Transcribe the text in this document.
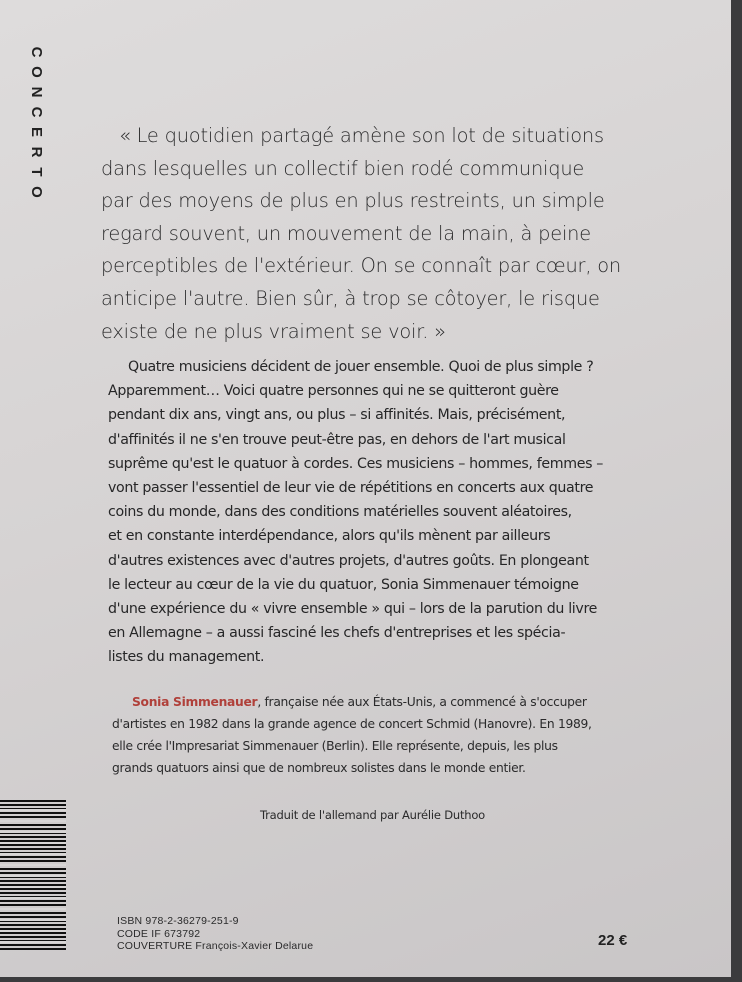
C
O
N
C
E
R
T
O
« Le quotidien partagé amène son lot de situations
dans lesquelles un collectif bien rodé communique
par des moyens de plus en plus restreints, un simple
regard souvent, un mouvement de la main, à peine
perceptibles de l'extérieur. On se connaît par cœur, on
anticipe l'autre. Bien sûr, à trop se côtoyer, le risque
existe de ne plus vraiment se voir. »
Quatre musiciens décident de jouer ensemble. Quoi de plus simple ?
Apparemment… Voici quatre personnes qui ne se quitteront guère
pendant dix ans, vingt ans, ou plus – si affinités. Mais, précisément,
d'affinités il ne s'en trouve peut-être pas, en dehors de l'art musical
suprême qu'est le quatuor à cordes. Ces musiciens – hommes, femmes –
vont passer l'essentiel de leur vie de répétitions en concerts aux quatre
coins du monde, dans des conditions matérielles souvent aléatoires,
et en constante interdépendance, alors qu'ils mènent par ailleurs
d'autres existences avec d'autres projets, d'autres goûts. En plongeant
le lecteur au cœur de la vie du quatuor, Sonia Simmenauer témoigne
d'une expérience du « vivre ensemble » qui – lors de la parution du livre
en Allemagne – a aussi fasciné les chefs d'entreprises et les spécia-
listes du management.
Sonia Simmenauer, française née aux États-Unis, a commencé à s'occuper
d'artistes en 1982 dans la grande agence de concert Schmid (Hanovre). En 1989,
elle crée l'Impresariat Simmenauer (Berlin). Elle représente, depuis, les plus
grands quatuors ainsi que de nombreux solistes dans le monde entier.
Traduit de l'allemand par Aurélie Duthoo
ISBN 978-2-36279-251-9
CODE IF 673792
COUVERTURE François-Xavier Delarue	22 €
